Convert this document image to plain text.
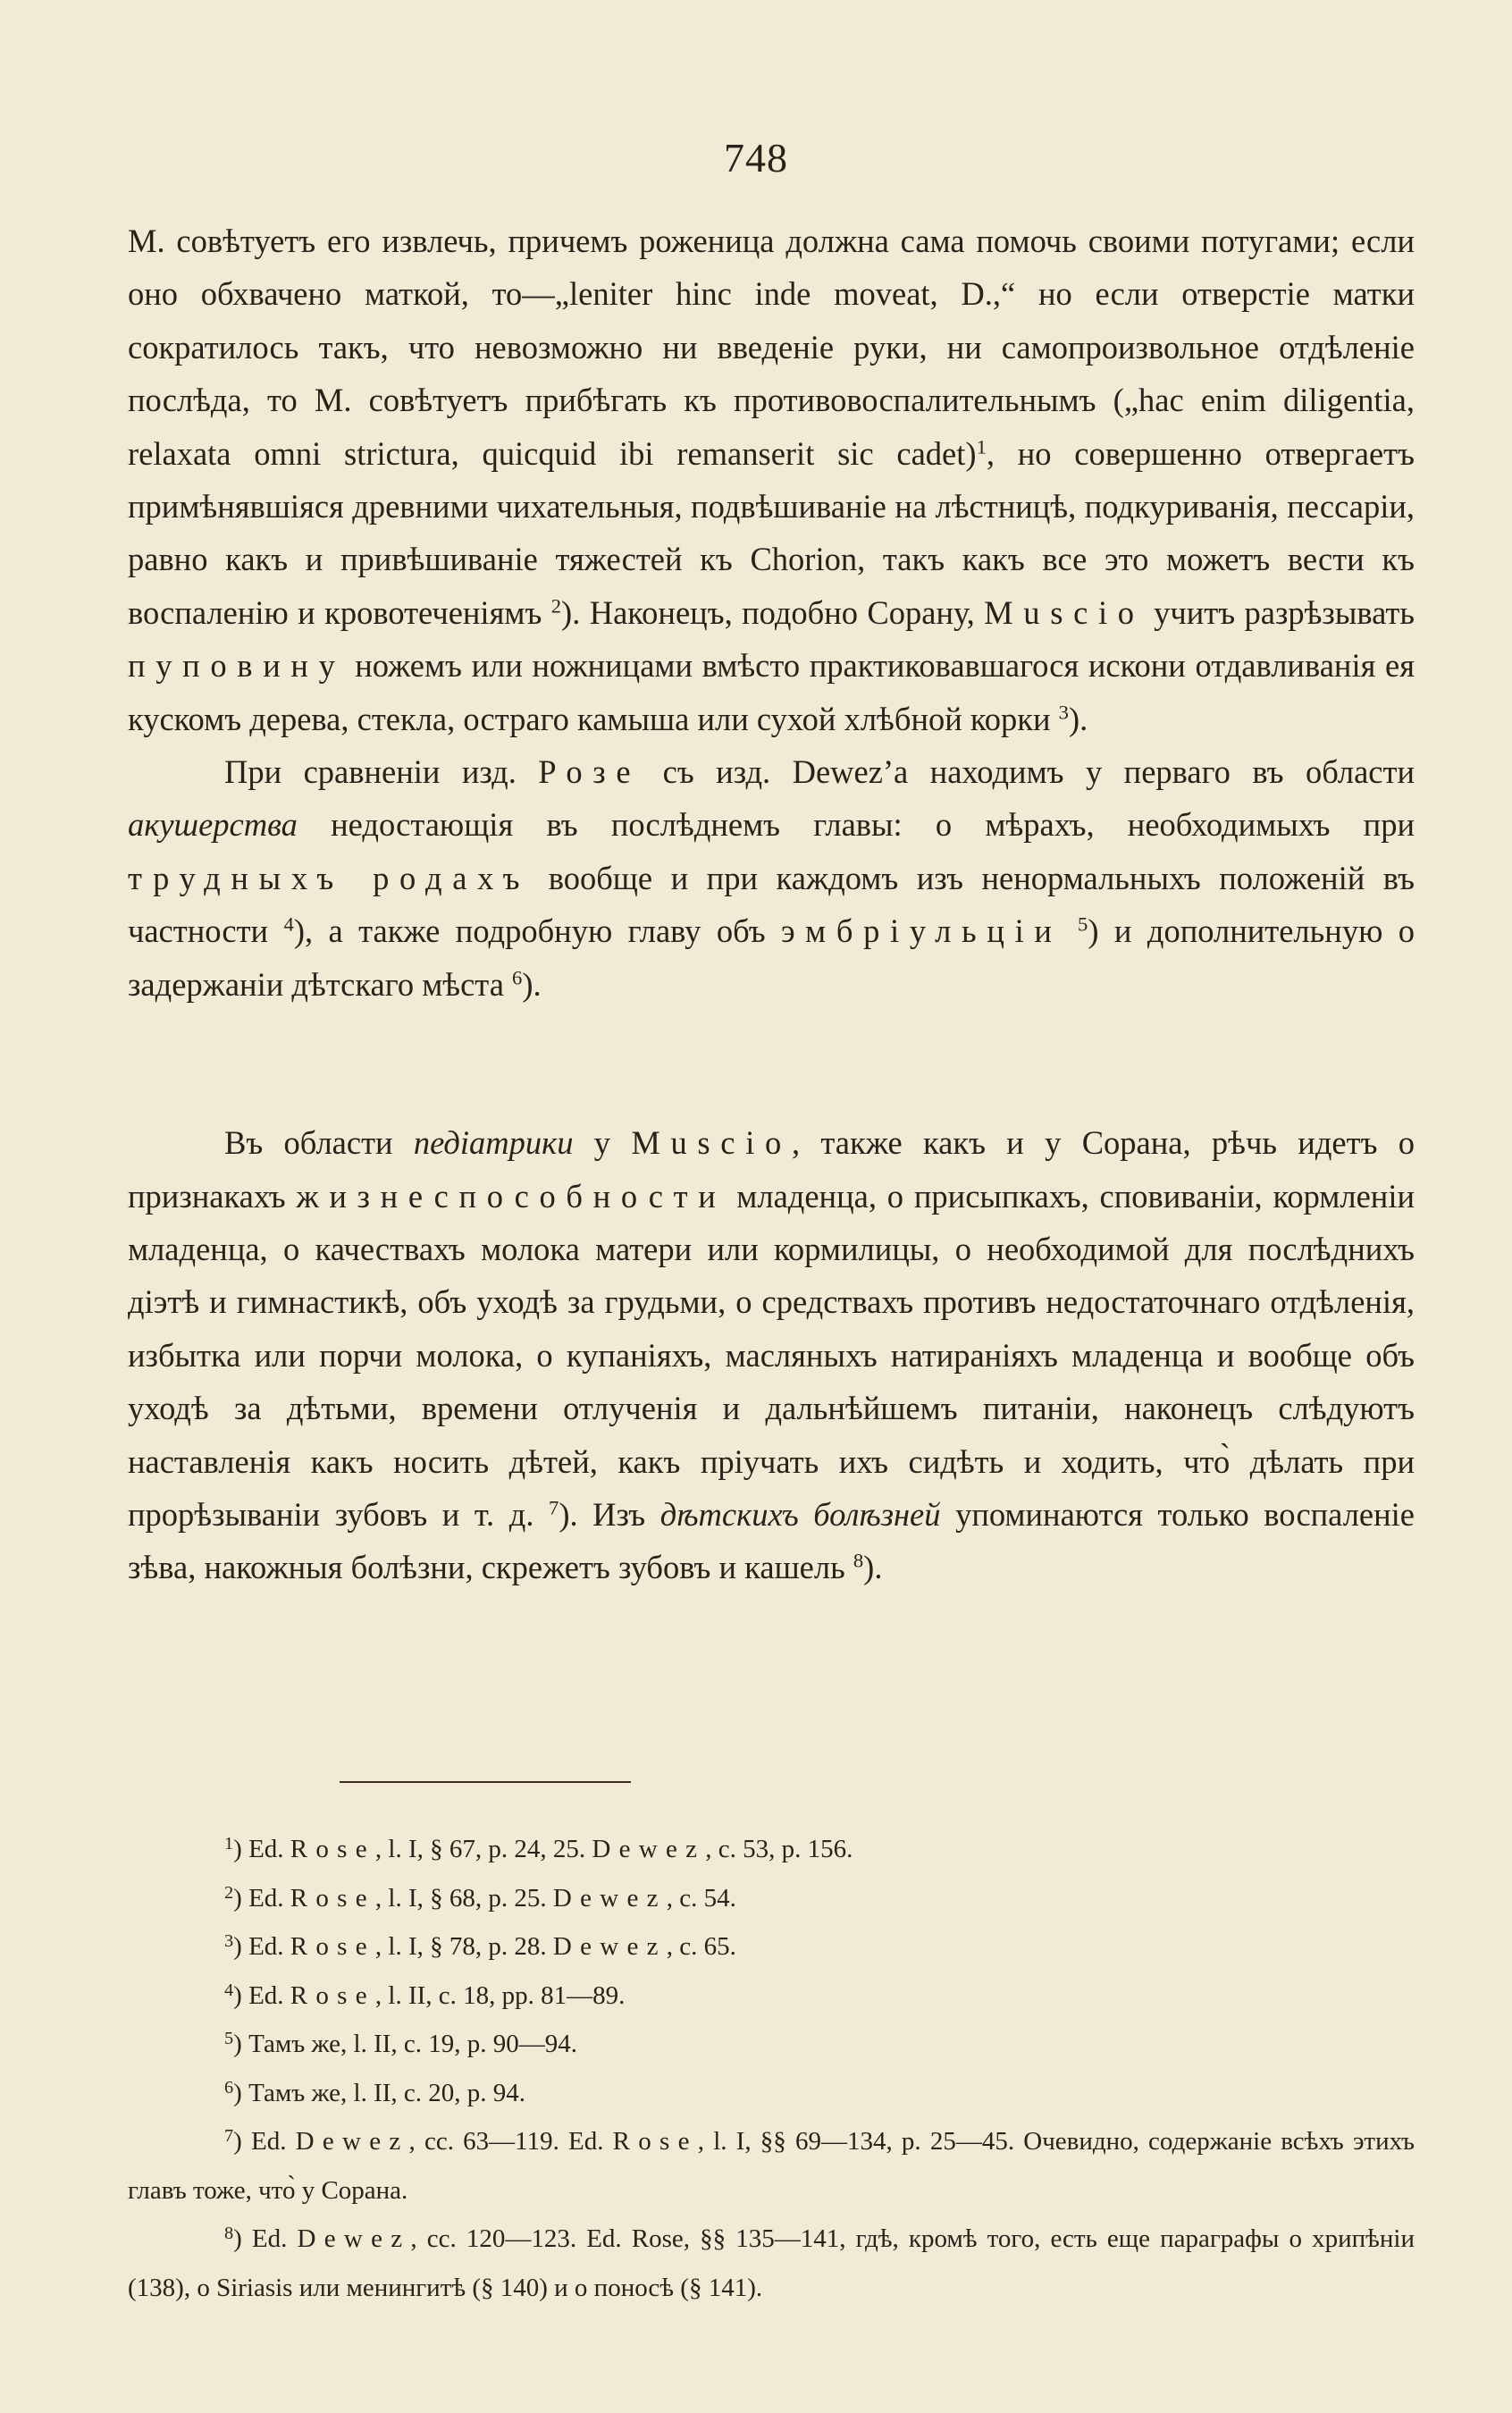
748

М. совѣтуетъ его извлечь, причемъ роженица должна сама помочь своими потугами; если оно обхвачено маткой, то—„leniter hinc inde moveat, D.,“ но если отверстіе матки сократилось такъ, что невозможно ни введеніе руки, ни самопроизвольное отдѣленіе послѣда, то М. совѣтуетъ прибѣгать къ противовоспалительнымъ („hac enim diligentia, relaxata omni strictura, quicquid ibi remanserit sic cadet)$^1$, но совершенно отвергаетъ примѣнявшіяся древними чихательныя, подвѣшиваніе на лѣстницѣ, подкуриванія, пессаріи, равно какъ и привѣшиваніе тяжестей къ Chorion, такъ какъ все это можетъ вести къ воспаленію и кровотеченіямъ $^2$). Наконецъ, подобно Сорану, Muscio учитъ разрѣзывать пуповину ножемъ или ножницами вмѣсто практиковавшагося искони отдавливанія ея кускомъ дерева, стекла, остраго камыша или сухой хлѣбной корки $^3$).

При сравненіи изд. Розе съ изд. Dewez’a находимъ у перваго въ области акушерства недостающія въ послѣднемъ главы: о мѣрахъ, необходимыхъ при трудныхъ родахъ вообще и при каждомъ изъ ненормальныхъ положеній въ частности $^4$), а также подробную главу объ эмбріульціи $^5$) и дополнительную о задержаніи дѣтскаго мѣста $^6$).

Въ области педіатрики у Muscio, также какъ и у Сорана, рѣчь идетъ о признакахъ жизнеспособности младенца, о присыпкахъ, сповиваніи, кормленіи младенца, о качествахъ молока матери или кормилицы, о необходимой для послѣднихъ діэтѣ и гимнастикѣ, объ уходѣ за грудьми, о средствахъ противъ недостаточнаго отдѣленія, избытка или порчи молока, о купаніяхъ, масляныхъ натираніяхъ младенца и вообще объ уходѣ за дѣтьми, времени отлученія и дальнѣйшемъ питаніи, наконецъ слѣдуютъ наставленія какъ носить дѣтей, какъ пріучать ихъ сидѣть и ходить, что̀ дѣлать при прорѣзываніи зубовъ и т. д. $^7$). Изъ дѣтскихъ болѣзней упоминаются только воспаленіе зѣва, накожныя болѣзни, скрежетъ зубовъ и кашель $^8$).

$^1$) Ed. Rose, l. I, § 67, p. 24, 25. Dewez, c. 53, p. 156.

$^2$) Ed. Rose, l. I, § 68, p. 25. Dewez, c. 54.

$^3$) Ed. Rose, l. I, § 78, p. 28. Dewez, c. 65.

$^4$) Ed. Rose, l. II, c. 18, pp. 81—89.

$^5$) Тамъ же, l. II, c. 19, p. 90—94.

$^6$) Тамъ же, l. II, c. 20, p. 94.

$^7$) Ed. Dewez, cc. 63—119. Ed. Rose, l. I, §§ 69—134, p. 25—45. Очевидно, содержаніе всѣхъ этихъ главъ тоже, что̀ у Сорана.

$^8$) Ed. Dewez, cc. 120—123. Ed. Rose, §§ 135—141, гдѣ, кромѣ того, есть еще параграфы о хрипѣніи (138), о Sirіasіs или менингитѣ (§ 140) и о поносѣ (§ 141).
